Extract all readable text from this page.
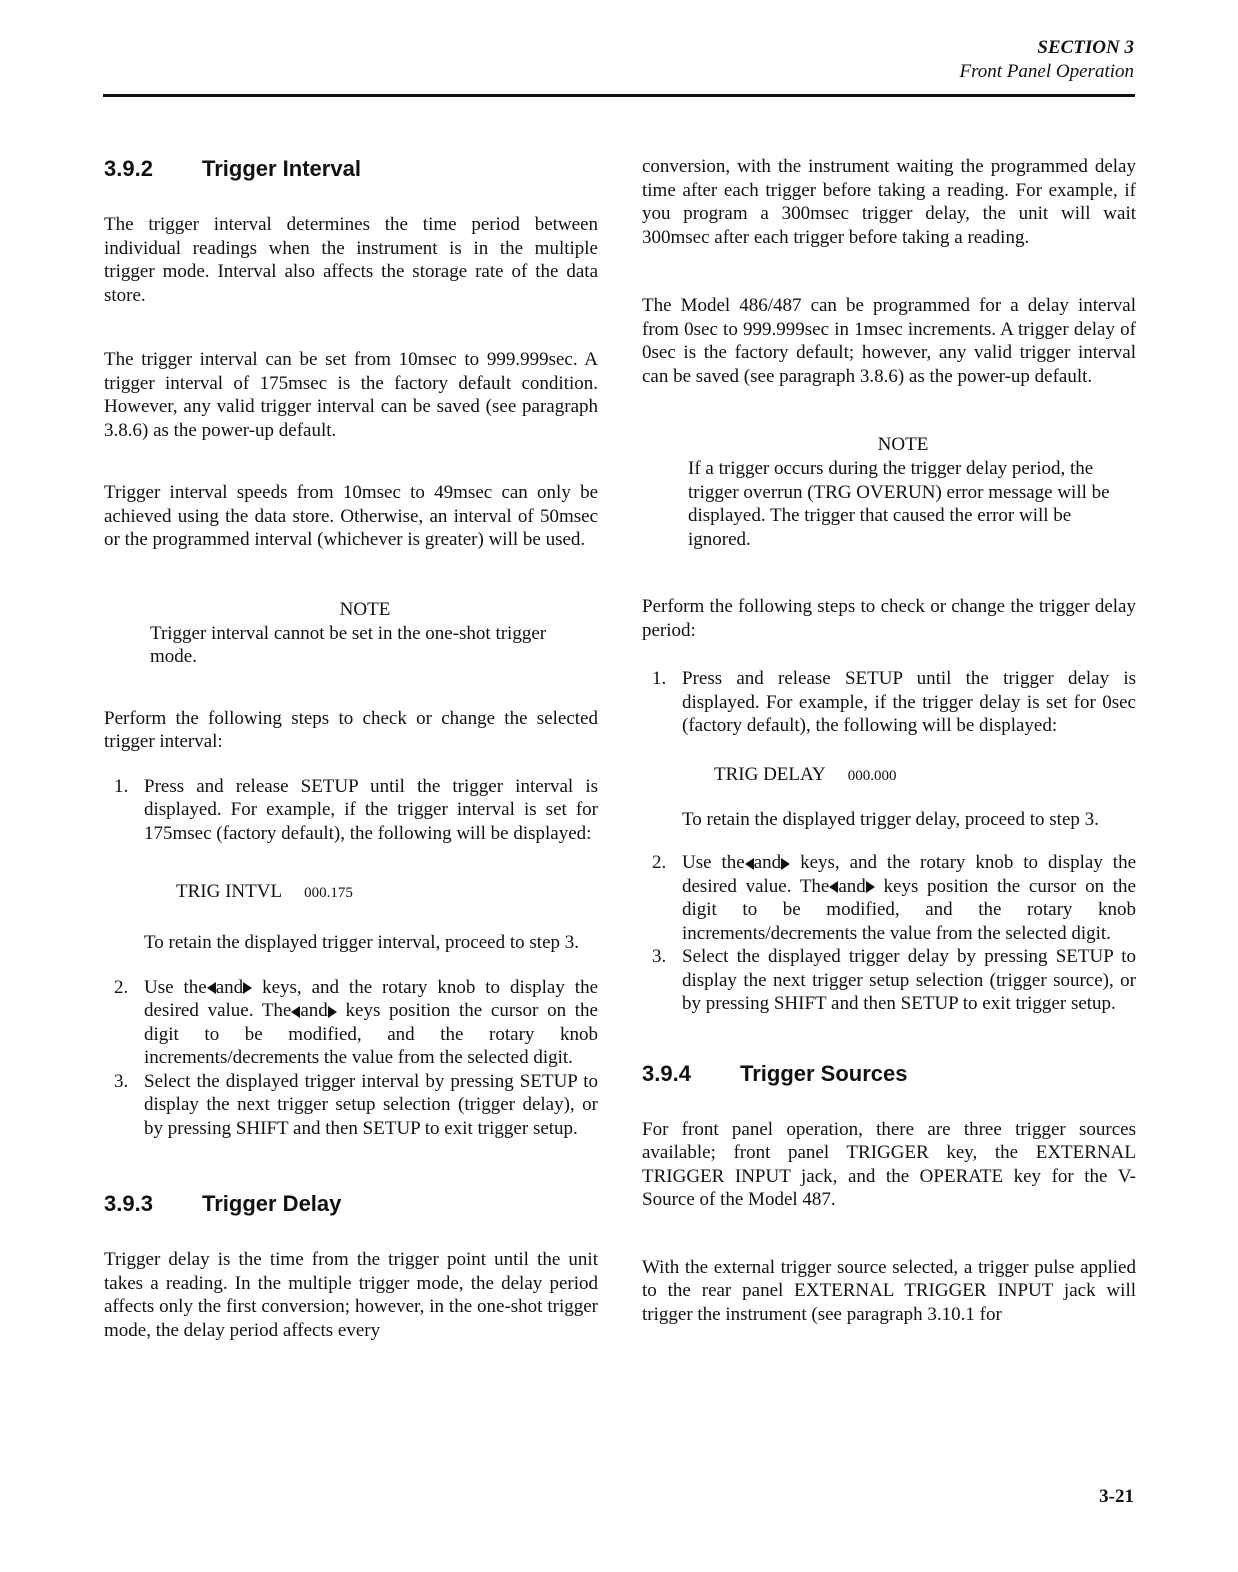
SECTION 3
Front Panel Operation
3.9.2 Trigger Interval

The trigger interval determines the time period between individual readings when the instrument is in the multiple trigger mode. Interval also affects the storage rate of the data store.

The trigger interval can be set from 10msec to 999.999sec. A trigger interval of 175msec is the factory default condition. However, any valid trigger interval can be saved (see paragraph 3.8.6) as the power-up default.

Trigger interval speeds from 10msec to 49msec can only be achieved using the data store. Otherwise, an interval of 50msec or the programmed interval (whichever is greater) will be used.

NOTE
Trigger interval cannot be set in the one-shot trigger mode.

Perform the following steps to check or change the selected trigger interval:

1. Press and release SETUP until the trigger interval is displayed. For example, if the trigger interval is set for 175msec (factory default), the following will be displayed:
TRIG INTVL 000.175

To retain the displayed trigger interval, proceed to step 3.

2. Use the and keys, and the rotary knob to display the desired value. The and keys position the cursor on the digit to be modified, and the rotary knob increments/decrements the value from the selected digit.
3. Select the displayed trigger interval by pressing SETUP to display the next trigger setup selection (trigger delay), or by pressing SHIFT and then SETUP to exit trigger setup.
3.9.3 Trigger Delay

Trigger delay is the time from the trigger point until the unit takes a reading. In the multiple trigger mode, the delay period affects only the first conversion; however, in the one-shot trigger mode, the delay period affects every

conversion, with the instrument waiting the programmed delay time after each trigger before taking a reading. For example, if you program a 300msec trigger delay, the unit will wait 300msec after each trigger before taking a reading.

The Model 486/487 can be programmed for a delay interval from 0sec to 999.999sec in 1msec increments. A trigger delay of 0sec is the factory default; however, any valid trigger interval can be saved (see paragraph 3.8.6) as the power-up default.

NOTE
If a trigger occurs during the trigger delay period, the trigger overrun (TRG OVERUN) error message will be displayed. The trigger that caused the error will be ignored.

Perform the following steps to check or change the trigger delay period:

1. Press and release SETUP until the trigger delay is displayed. For example, if the trigger delay is set for 0sec (factory default), the following will be displayed:
TRIG DELAY 000.000

To retain the displayed trigger delay, proceed to step 3.

2. Use the and keys, and the rotary knob to display the desired value. The and keys position the cursor on the digit to be modified, and the rotary knob increments/decrements the value from the selected digit.
3. Select the displayed trigger delay by pressing SETUP to display the next trigger setup selection (trigger source), or by pressing SHIFT and then SETUP to exit trigger setup.
3.9.4 Trigger Sources

For front panel operation, there are three trigger sources available; front panel TRIGGER key, the EXTERNAL TRIGGER INPUT jack, and the OPERATE key for the V-Source of the Model 487.

With the external trigger source selected, a trigger pulse applied to the rear panel EXTERNAL TRIGGER INPUT jack will trigger the instrument (see paragraph 3.10.1 for

3-21
